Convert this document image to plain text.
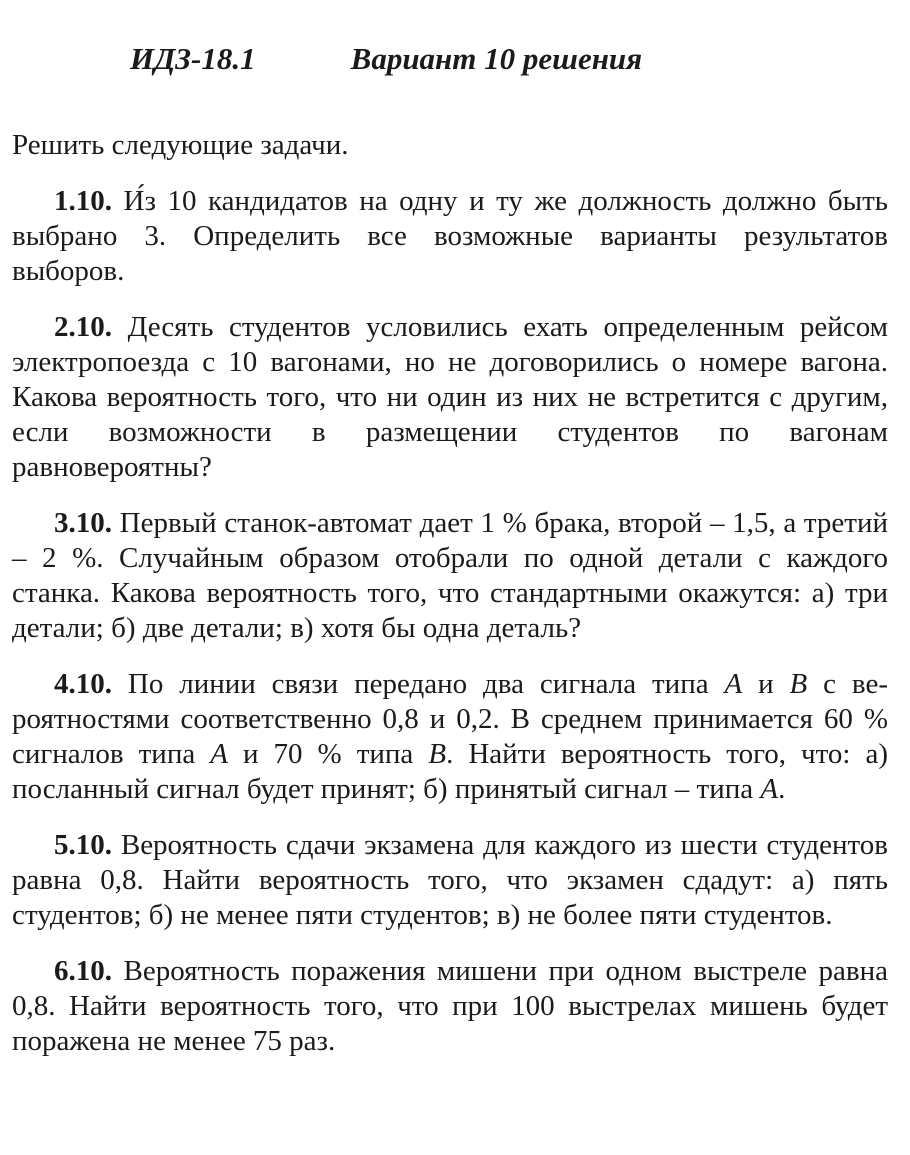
ИДЗ-18.1	Вариант 10 решения

Решить следующие задачи.

1.10. И́з 10 кандидатов на одну и ту же должность должно быть выбрано 3. Определить все возможные варианты результатов выборов.

2.10. Десять студентов условились ехать определенным рейсом электропоезда с 10 вагонами, но не договорились о номере вагона. Какова вероятность того, что ни один из них не встретится с другим, если возможности в размещении студентов по вагонам равновероятны?

3.10. Первый станок-автомат дает 1 % брака, второй – 1,5, а третий – 2 %. Случайным образом отобрали по одной детали с каждого станка. Какова вероятность того, что стандартными окажутся: а) три детали; б) две детали; в) хотя бы одна деталь?

4.10. По линии связи передано два сигнала типа А и В с вероятностями соответственно 0,8 и 0,2. В среднем принимается 60 % сигналов типа А и 70 % типа В. Найти вероятность того, что: а) посланный сигнал будет принят; б) принятый сигнал – типа А.

5.10. Вероятность сдачи экзамена для каждого из шести студентов равна 0,8. Найти вероятность того, что экзамен сдадут: а) пять студентов; б) не менее пяти студентов; в) не более пяти студентов.

6.10. Вероятность поражения мишени при одном выстреле равна 0,8. Найти вероятность того, что при 100 выстрелах мишень будет поражена не менее 75 раз.
